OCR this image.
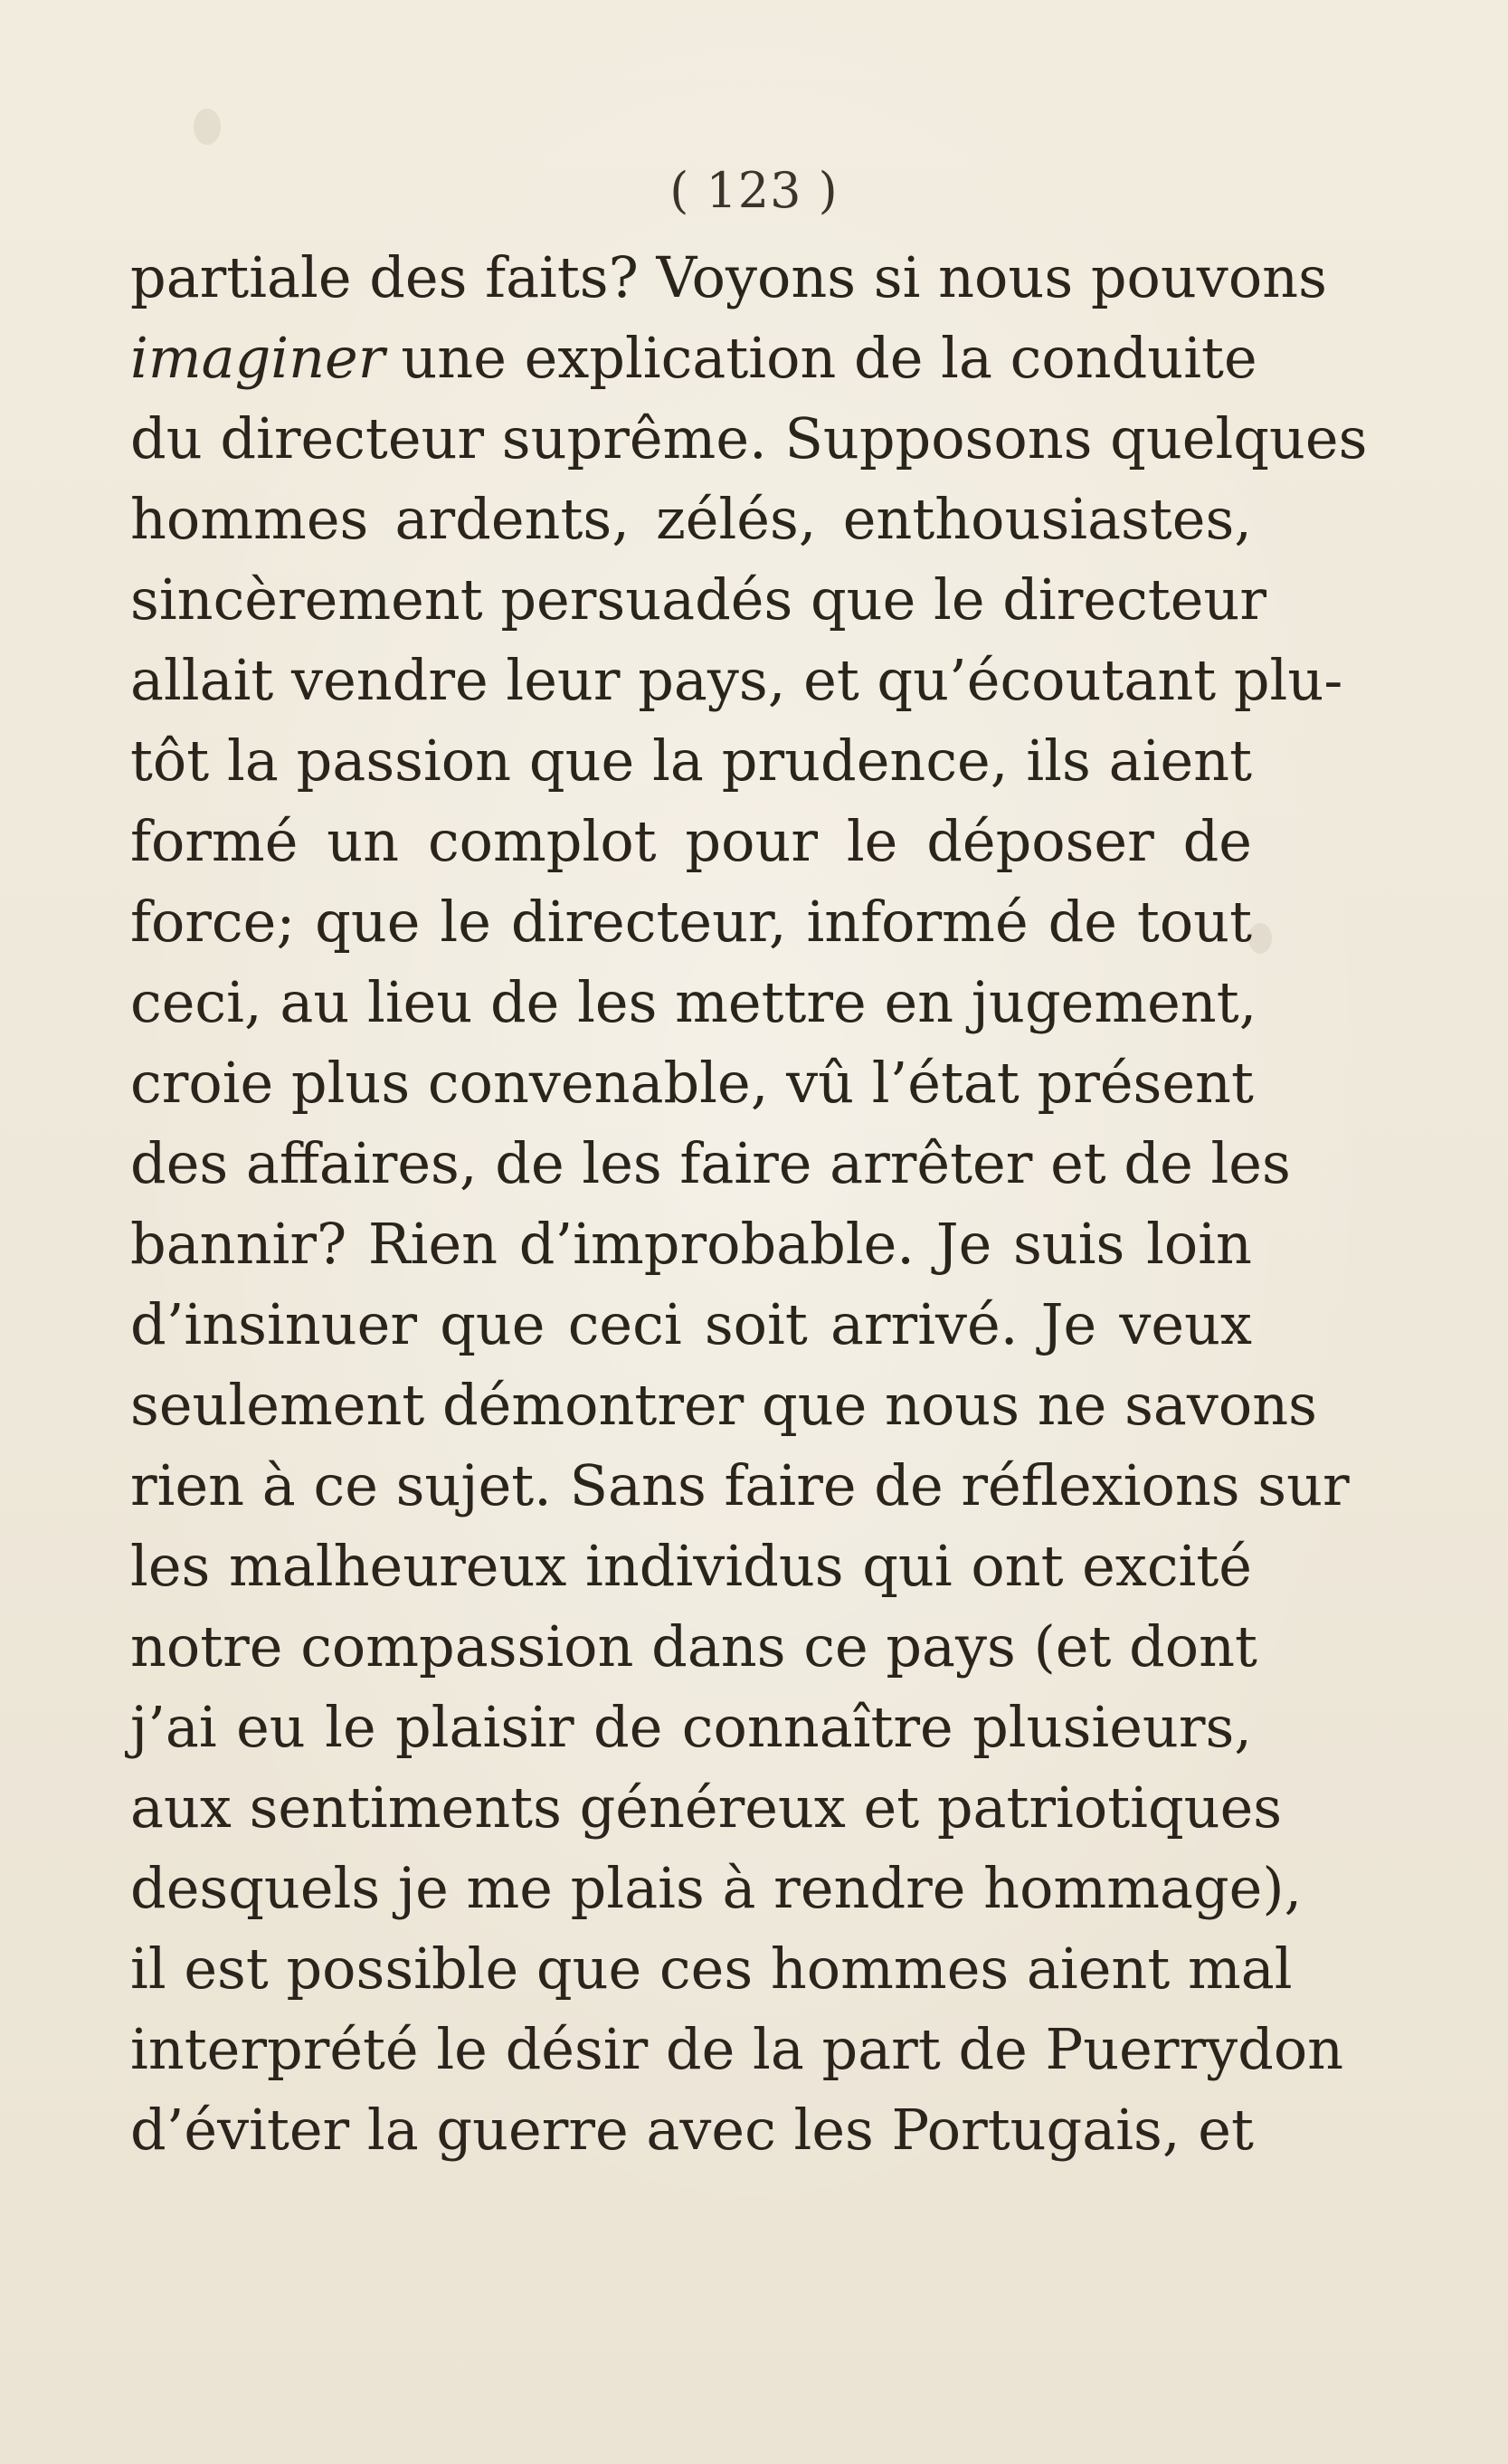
( 123 )
partiale des faits? Voyons si nous pouvons
imaginer une explication de la conduite
du directeur suprême. Supposons quelques
hommes ardents, zélés, enthousiastes,
sincèrement persuadés que le directeur
allait vendre leur pays, et qu’écoutant plu-
tôt la passion que la prudence, ils aient
formé un complot pour le déposer de
force; que le directeur, informé de tout
ceci, au lieu de les mettre en jugement,
croie plus convenable, vû l’état présent
des affaires, de les faire arrêter et de les
bannir? Rien d’improbable. Je suis loin
d’insinuer que ceci soit arrivé. Je veux
seulement démontrer que nous ne savons
rien à ce sujet. Sans faire de réflexions sur
les malheureux individus qui ont excité
notre compassion dans ce pays (et dont
j’ai eu le plaisir de connaître plusieurs,
aux sentiments généreux et patriotiques
desquels je me plais à rendre hommage),
il est possible que ces hommes aient mal
interprété le désir de la part de Puerrydon
d’éviter la guerre avec les Portugais, et
